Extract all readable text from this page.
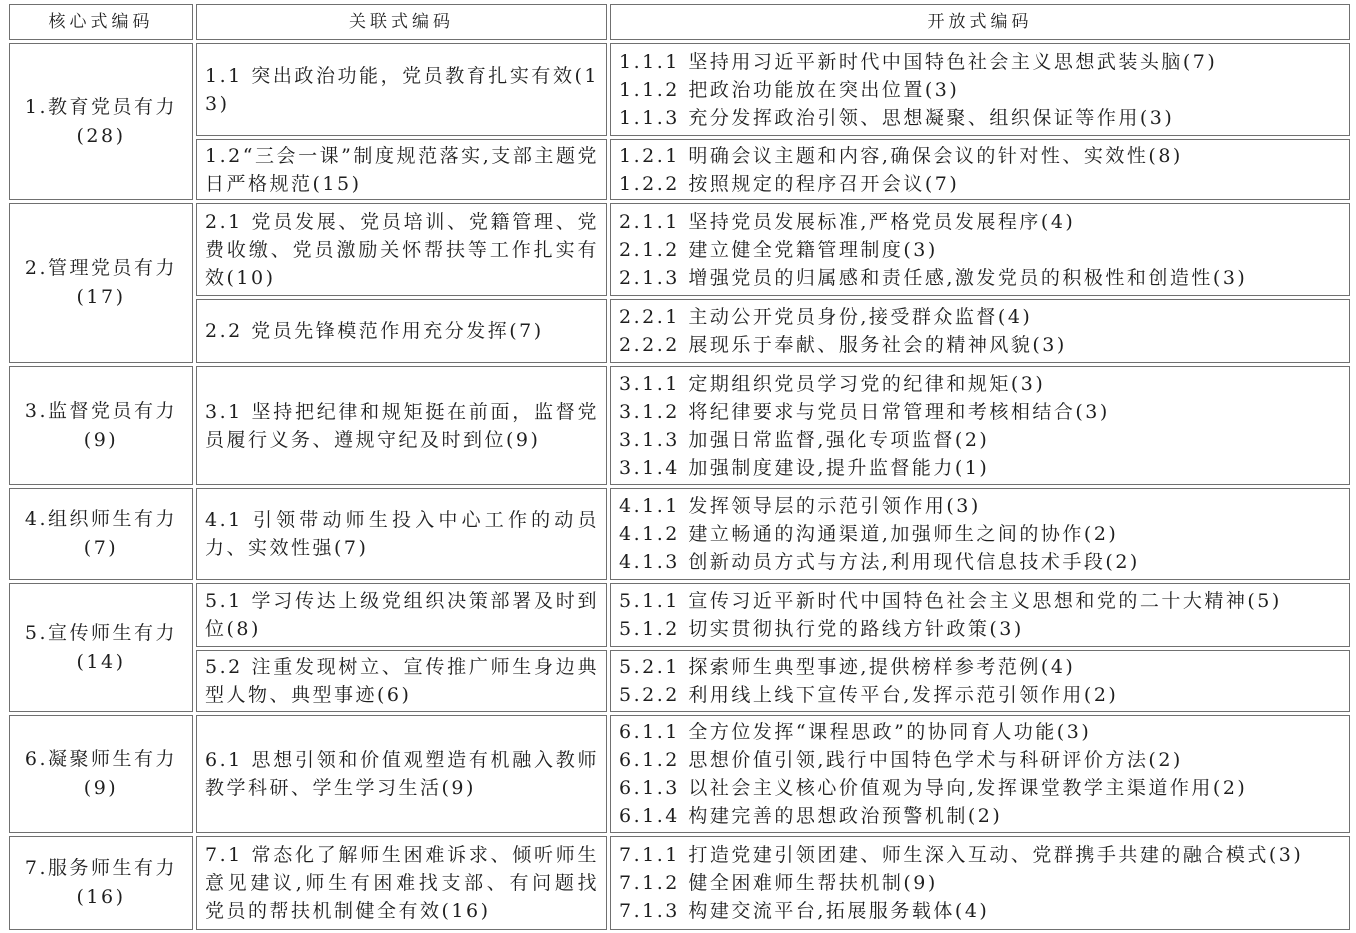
核心式编码	关联式编码	开放式编码
1.教育党员有力
(28)
1.1 突出政治功能，党员教育扎实有效(13)
1.1.1 坚持用习近平新时代中国特色社会主义思想武装头脑(7)
1.1.2 把政治功能放在突出位置(3)
1.1.3 充分发挥政治引领、思想凝聚、组织保证等作用(3)
1.2“三会一课”制度规范落实,支部主题党日严格规范(15)
1.2.1 明确会议主题和内容,确保会议的针对性、实效性(8)
1.2.2 按照规定的程序召开会议(7)
2.管理党员有力
(17)
2.1 党员发展、党员培训、党籍管理、党费收缴、党员激励关怀帮扶等工作扎实有效(10)
2.1.1 坚持党员发展标准,严格党员发展程序(4)
2.1.2 建立健全党籍管理制度(3)
2.1.3 增强党员的归属感和责任感,激发党员的积极性和创造性(3)
2.2 党员先锋模范作用充分发挥(7)
2.2.1 主动公开党员身份,接受群众监督(4)
2.2.2 展现乐于奉献、服务社会的精神风貌(3)
3.监督党员有力
(9)
3.1 坚持把纪律和规矩挺在前面，监督党员履行义务、遵规守纪及时到位(9)
3.1.1 定期组织党员学习党的纪律和规矩(3)
3.1.2 将纪律要求与党员日常管理和考核相结合(3)
3.1.3 加强日常监督,强化专项监督(2)
3.1.4 加强制度建设,提升监督能力(1)
4.组织师生有力
(7)
4.1 引领带动师生投入中心工作的动员力、实效性强(7)
4.1.1 发挥领导层的示范引领作用(3)
4.1.2 建立畅通的沟通渠道,加强师生之间的协作(2)
4.1.3 创新动员方式与方法,利用现代信息技术手段(2)
5.宣传师生有力
(14)
5.1 学习传达上级党组织决策部署及时到位(8)
5.1.1 宣传习近平新时代中国特色社会主义思想和党的二十大精神(5)
5.1.2 切实贯彻执行党的路线方针政策(3)
5.2 注重发现树立、宣传推广师生身边典型人物、典型事迹(6)
5.2.1 探索师生典型事迹,提供榜样参考范例(4)
5.2.2 利用线上线下宣传平台,发挥示范引领作用(2)
6.凝聚师生有力
(9)
6.1 思想引领和价值观塑造有机融入教师教学科研、学生学习生活(9)
6.1.1 全方位发挥“课程思政”的协同育人功能(3)
6.1.2 思想价值引领,践行中国特色学术与科研评价方法(2)
6.1.3 以社会主义核心价值观为导向,发挥课堂教学主渠道作用(2)
6.1.4 构建完善的思想政治预警机制(2)
7.服务师生有力
(16)
7.1 常态化了解师生困难诉求、倾听师生意见建议,师生有困难找支部、有问题找党员的帮扶机制健全有效(16)
7.1.1 打造党建引领团建、师生深入互动、党群携手共建的融合模式(3)
7.1.2 健全困难师生帮扶机制(9)
7.1.3 构建交流平台,拓展服务载体(4)
